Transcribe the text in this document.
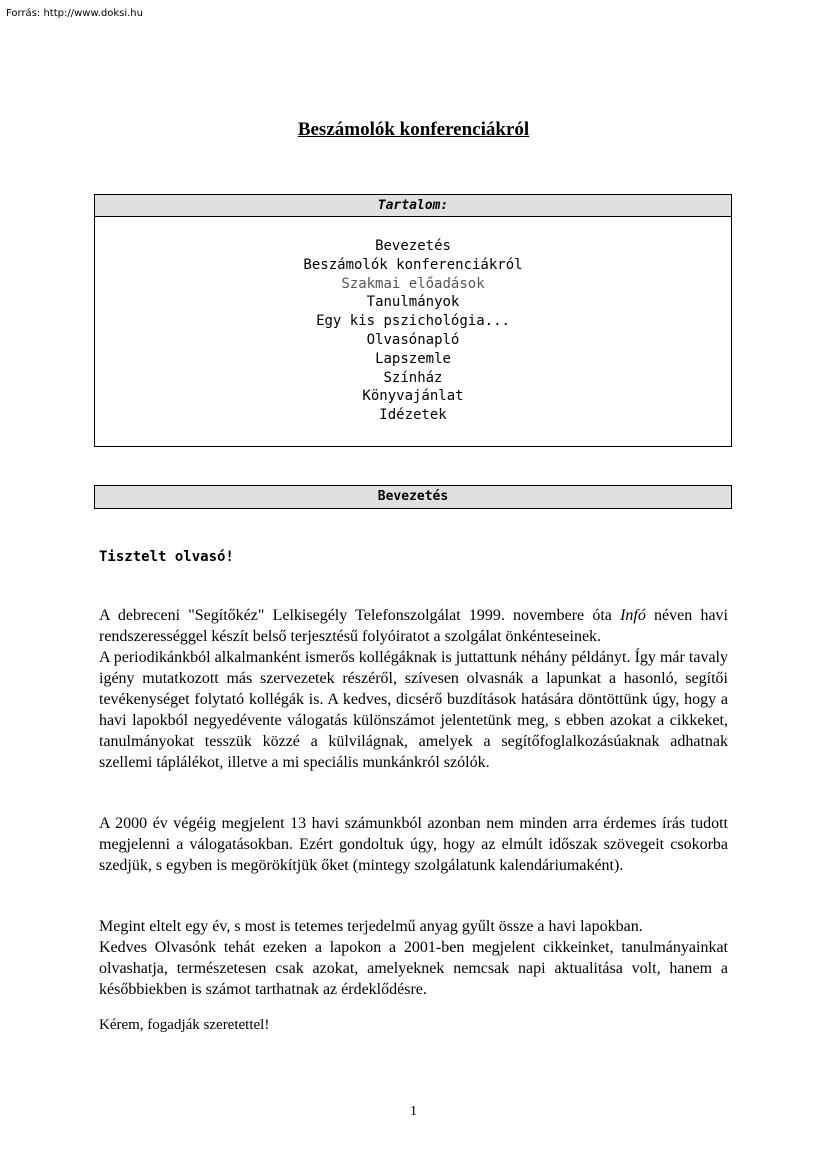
Forrás: http://www.doksi.hu
Beszámolók konferenciákról
Tartalom:
Bevezetés
Beszámolók konferenciákról
Szakmai előadások
Tanulmányok
Egy kis pszichológia...
Olvasónapló
Lapszemle
Színház
Könyvajánlat
Idézetek
Bevezetés
Tisztelt olvasó!
A debreceni "Segítőkéz" Lelkisegély Telefonszolgálat 1999. novembere óta Infó néven havi rendszerességgel készít belső terjesztésű folyóiratot a szolgálat önkénteseinek.
A periodikánkból alkalmanként ismerős kollégáknak is juttattunk néhány példányt. Így már tavaly igény mutatkozott más szervezetek részéről, szívesen olvasnák a lapunkat a hasonló, segítői tevékenységet folytató kollégák is. A kedves, dicsérő buzdítások hatására döntöttünk úgy, hogy a havi lapokból negyedévente válogatás különszámot jelentetünk meg, s ebben azokat a cikkeket, tanulmányokat tesszük közzé a külvilágnak, amelyek a segítőfoglalkozásúaknak adhatnak szellemi táplálékot, illetve a mi speciális munkánkról szólók.
A 2000 év végéig megjelent 13 havi számunkból azonban nem minden arra érdemes írás tudott megjelenni a válogatásokban. Ezért gondoltuk úgy, hogy az elmúlt időszak szövegeit csokorba szedjük, s egyben is megörökítjük őket (mintegy szolgálatunk kalendáriumaként).
Megint eltelt egy év, s most is tetemes terjedelmű anyag gyűlt össze a havi lapokban.
Kedves Olvasónk tehát ezeken a lapokon a 2001-ben megjelent cikkeinket, tanulmányainkat olvashatja, természetesen csak azokat, amelyeknek nemcsak napi aktualitása volt, hanem a későbbiekben is számot tarthatnak az érdeklődésre.
Kérem, fogadják szeretettel!
1
